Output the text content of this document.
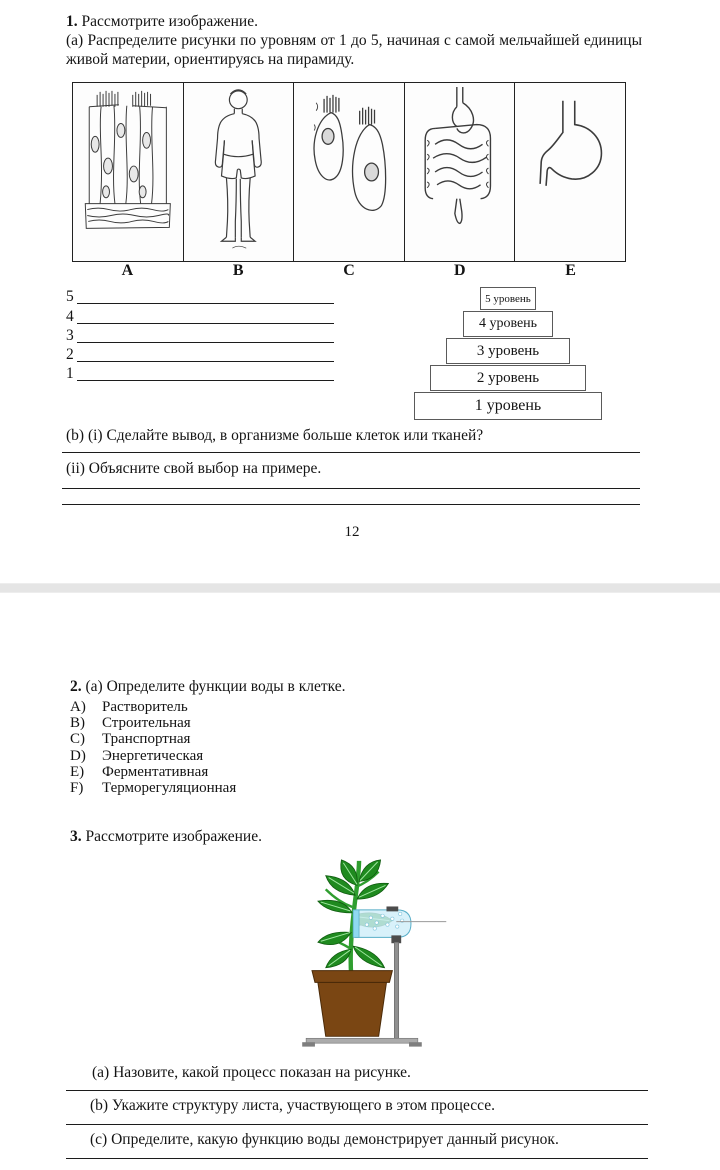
1. Рассмотрите изображение.
(а) Распределите рисунки по уровням от 1 до 5, начиная с самой мельчайшей единицы живой материи, ориентируясь на пирамиду.
A	B	C	D	E
5
4
3
2
1
5 уровень
4 уровень
3 уровень
2 уровень
1 уровень
(b) (i) Сделайте вывод, в организме больше клеток или тканей?
(ii) Объясните свой выбор на примере.
12
2. (а) Определите функции воды в клетке.
A)	Растворитель
B)	Строительная
C)	Транспортная
D)	Энергетическая
E)	Ферментативная
F)	Терморегуляционная
3. Рассмотрите изображение.
(a) Назовите, какой процесс показан на рисунке.
(b) Укажите структуру листа, участвующего в этом процессе.
(c) Определите, какую функцию воды демонстрирует данный рисунок.
